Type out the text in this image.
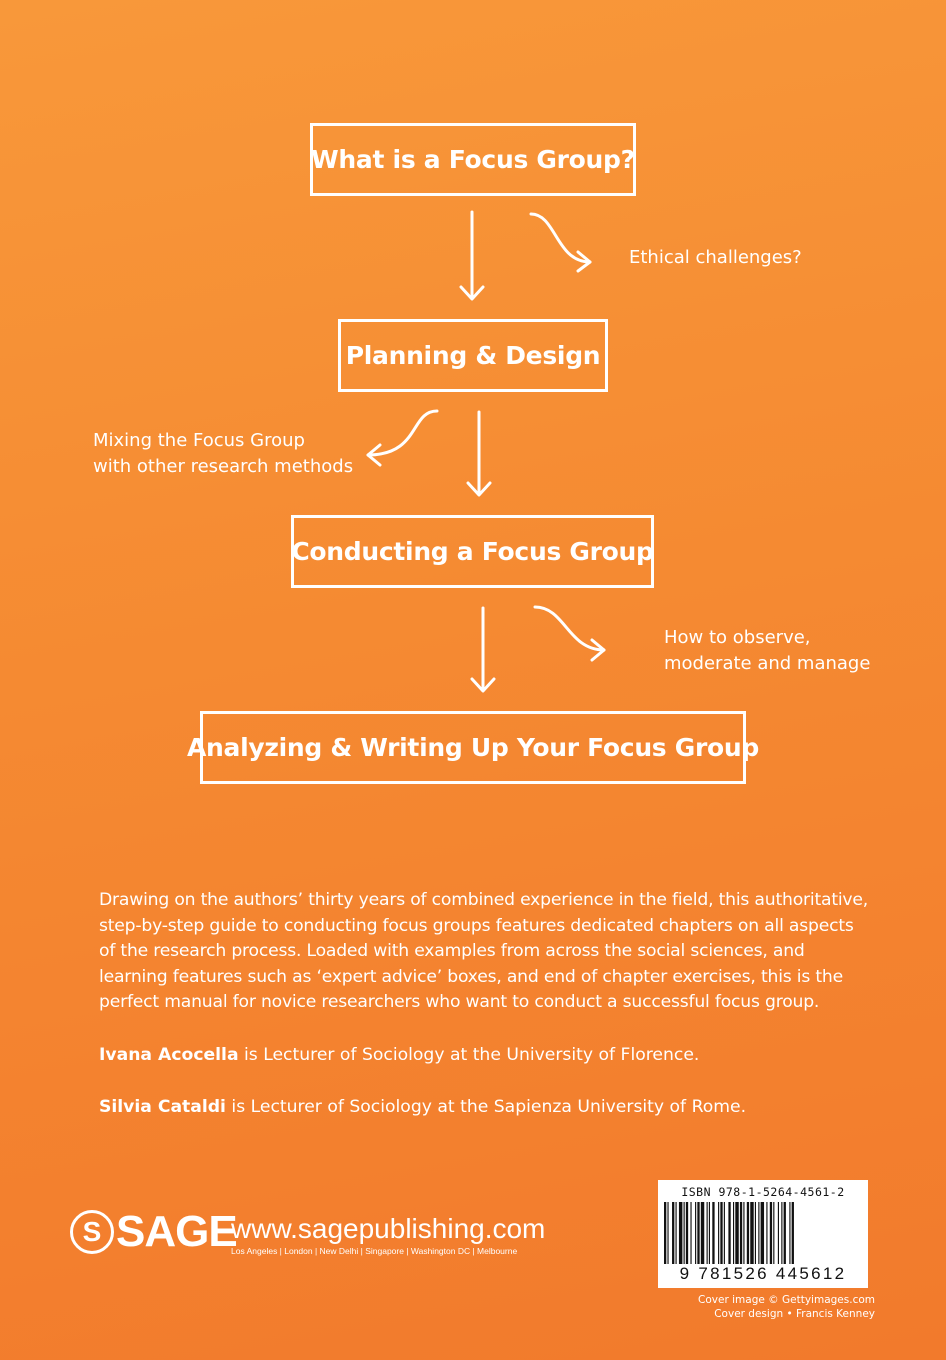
What is a Focus Group?
Planning & Design
Conducting a Focus Group
Analyzing & Writing Up Your Focus Group
Ethical challenges?
Mixing the Focus Group
with other research methods
How to observe,
moderate and manage
Drawing on the authors’ thirty years of combined experience in the field, this authoritative, step-by-step guide to conducting focus groups features dedicated chapters on all aspects of the research process. Loaded with examples from across the social sciences, and learning features such as ‘expert advice’ boxes, and end of chapter exercises, this is the perfect manual for novice researchers who want to conduct a successful focus group.
Ivana Acocella is Lecturer of Sociology at the University of Florence.
Silvia Cataldi is Lecturer of Sociology at the Sapienza University of Rome.
S SAGE
www.sagepublishing.com
Los Angeles | London | New Delhi | Singapore | Washington DC | Melbourne
ISBN 978-1-5264-4561-2
9 781526 445612
Cover image © Gettyimages.com
Cover design • Francis Kenney
